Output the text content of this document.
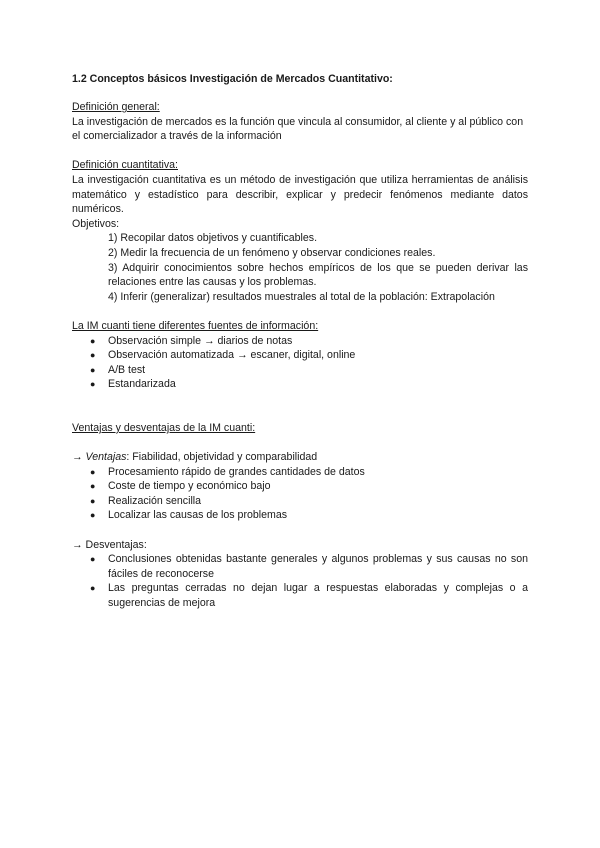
1.2 Conceptos básicos Investigación de Mercados Cuantitativo:

Definición general:

La investigación de mercados es la función que vincula al consumidor, al cliente y al público con el comercializador a través de la información

Definición cuantitativa:

La investigación cuantitativa es un método de investigación que utiliza herramientas de análisis matemático y estadístico para describir, explicar y predecir fenómenos mediante datos numéricos.

Objetivos:

1) Recopilar datos objetivos y cuantificables.
2) Medir la frecuencia de un fenómeno y observar condiciones reales.
3) Adquirir conocimientos sobre hechos empíricos de los que se pueden derivar las relaciones entre las causas y los problemas.
4) Inferir (generalizar) resultados muestrales al total de la población: Extrapolación

La IM cuanti tiene diferentes fuentes de información:

● Observación simple → diarios de notas
● Observación automatizada → escaner, digital, online
● A/B test
● Estandarizada

Ventajas y desventajas de la IM cuanti:

→ Ventajas: Fiabilidad, objetividad y comparabilidad

● Procesamiento rápido de grandes cantidades de datos
● Coste de tiempo y económico bajo
● Realización sencilla
● Localizar las causas de los problemas

→ Desventajas:

● Conclusiones obtenidas bastante generales y algunos problemas y sus causas no son fáciles de reconocerse
● Las preguntas cerradas no dejan lugar a respuestas elaboradas y complejas o a sugerencias de mejora
